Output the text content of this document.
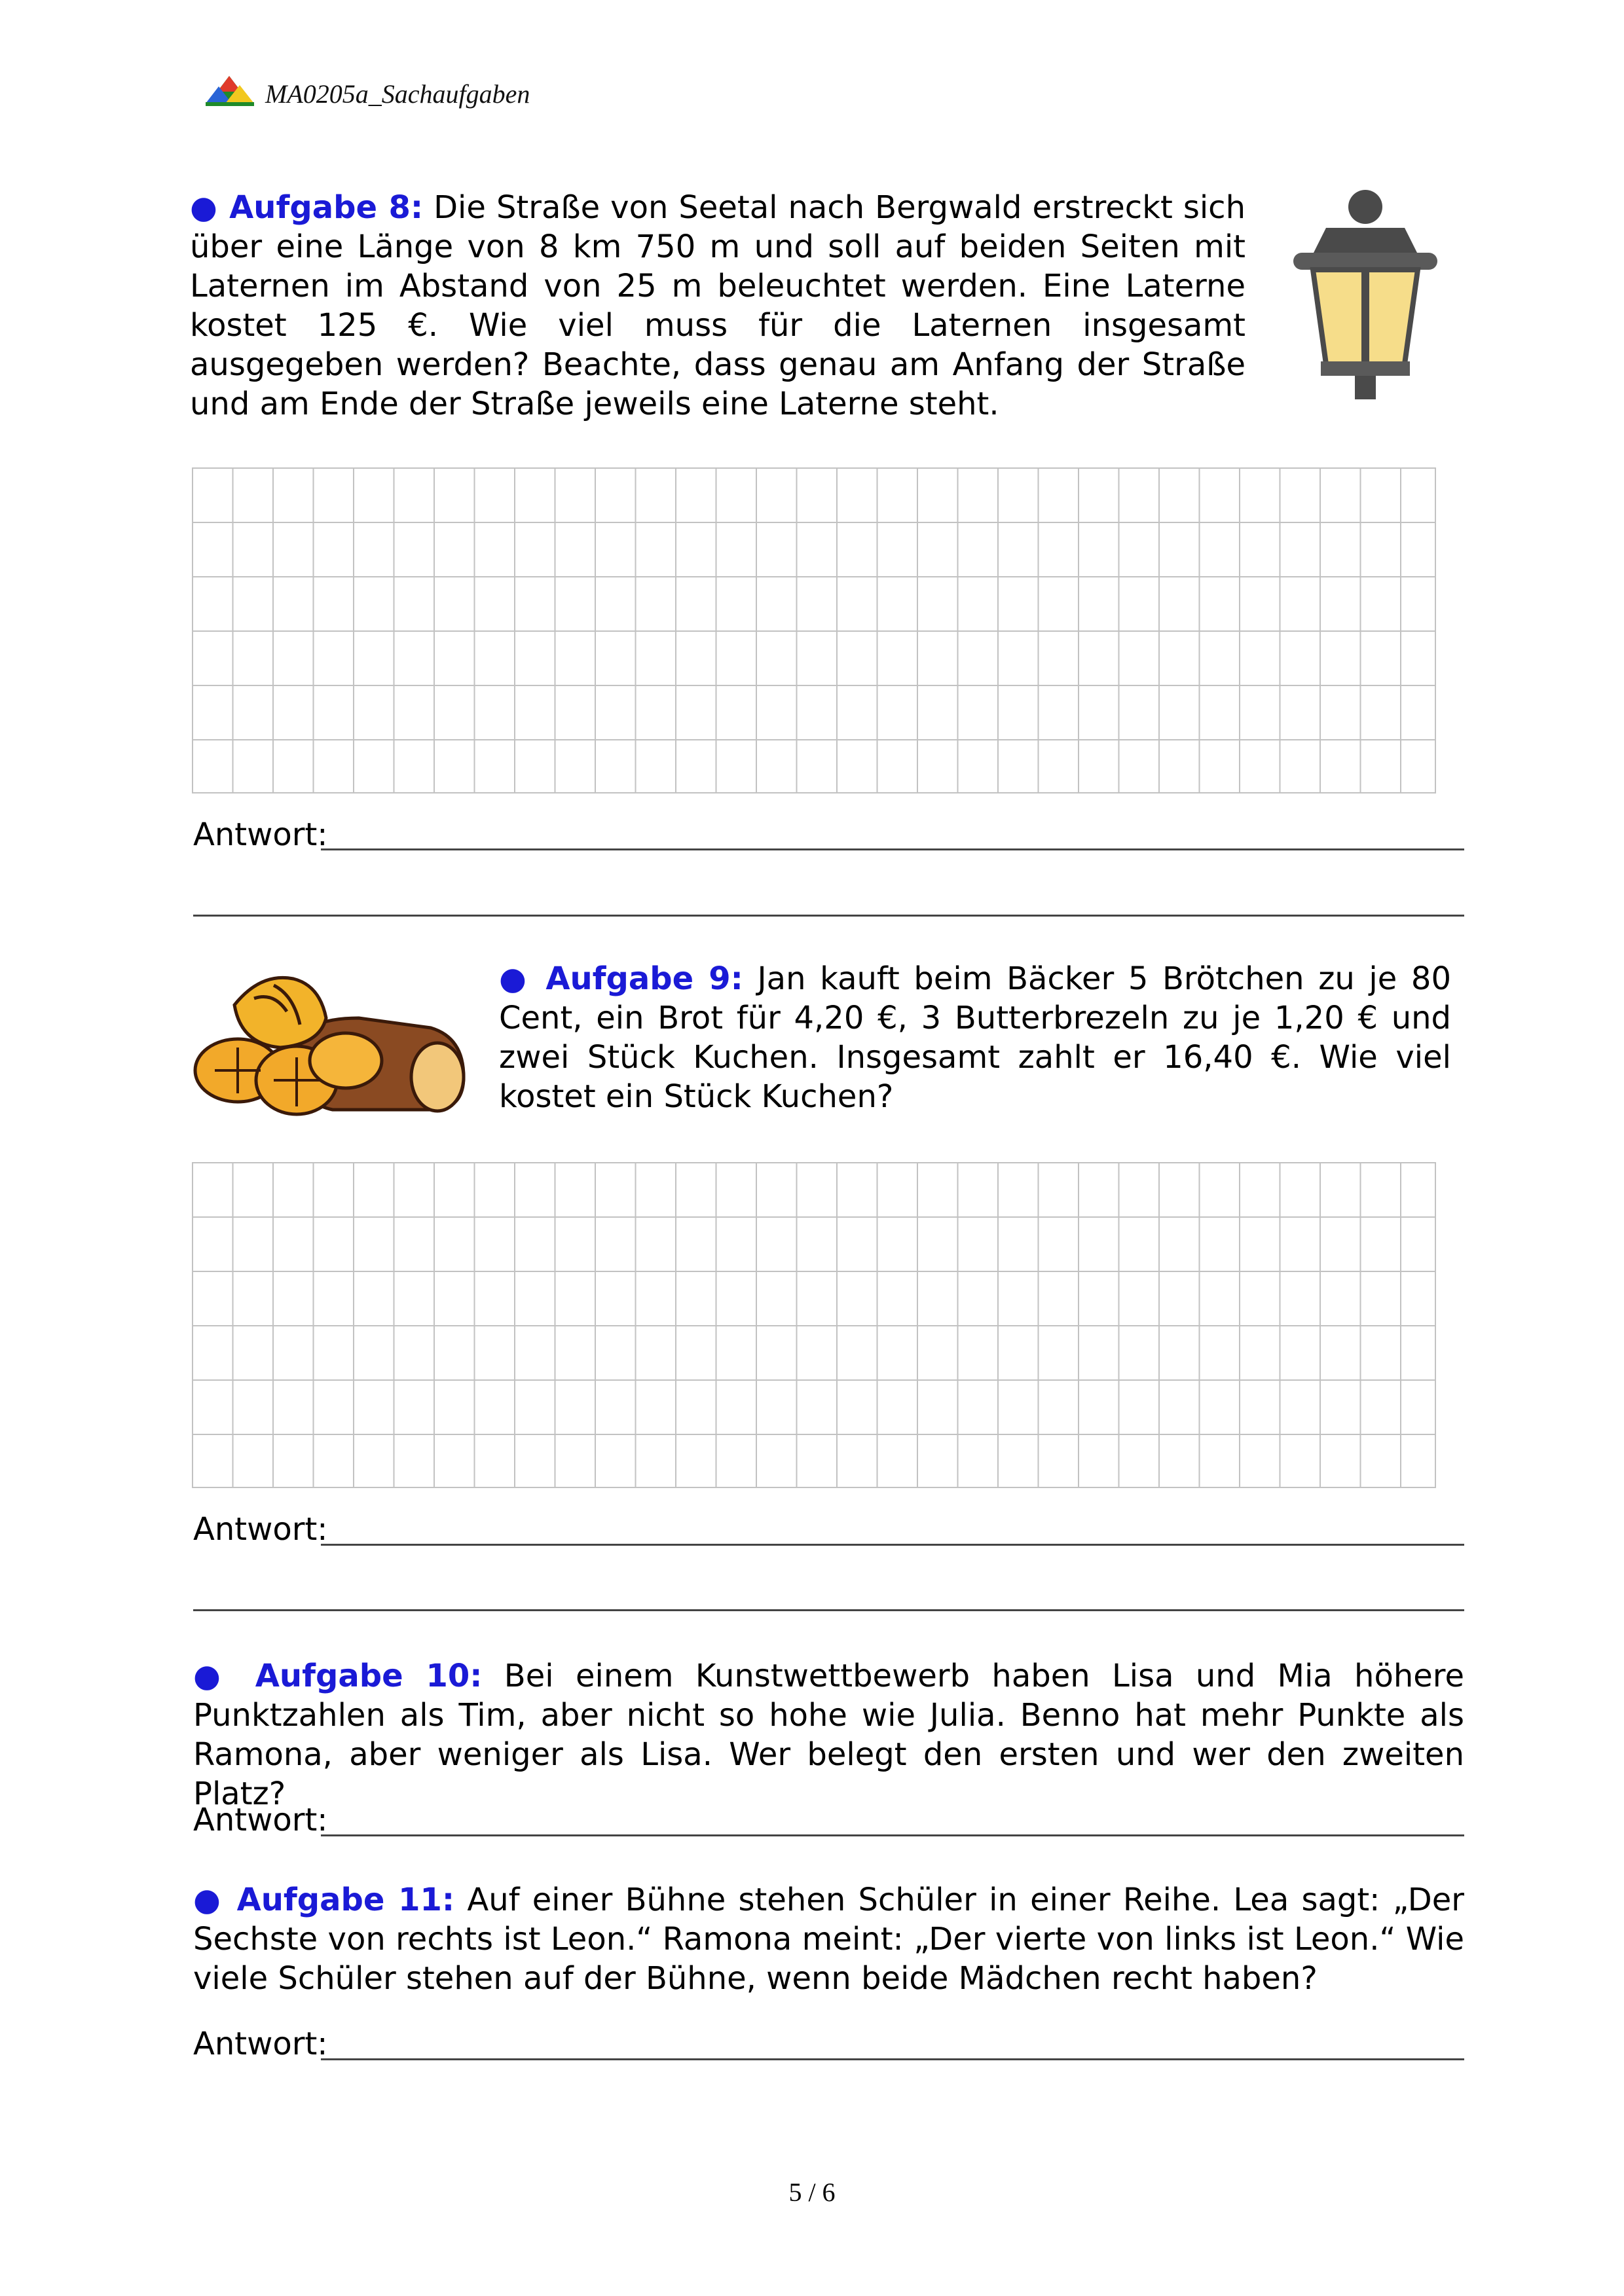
MA0205a_Sachaufgaben
● Aufgabe 8: Die Straße von Seetal nach Bergwald erstreckt sich über eine Länge von 8 km 750 m und soll auf beiden Seiten mit Laternen im Abstand von 25 m beleuchtet werden. Eine Laterne kostet 125 €. Wie viel muss für die Laternen insgesamt ausgegeben werden? Beachte, dass genau am Anfang der Straße und am Ende der Straße jeweils eine Laterne steht.
Antwort:
● Aufgabe 9: Jan kauft beim Bäcker 5 Brötchen zu je 80 Cent, ein Brot für 4,20 €, 3 Butterbrezeln zu je 1,20 € und zwei Stück Kuchen. Insgesamt zahlt er 16,40 €. Wie viel kostet ein Stück Kuchen?
Antwort:
● Aufgabe 10: Bei einem Kunstwettbewerb haben Lisa und Mia höhere Punktzahlen als Tim, aber nicht so hohe wie Julia. Benno hat mehr Punkte als Ramona, aber weniger als Lisa. Wer belegt den ersten und wer den zweiten Platz?
Antwort:
● Aufgabe 11: Auf einer Bühne stehen Schüler in einer Reihe. Lea sagt: „Der Sechste von rechts ist Leon.“ Ramona meint: „Der vierte von links ist Leon.“ Wie viele Schüler stehen auf der Bühne, wenn beide Mädchen recht haben?
Antwort:
5 / 6
